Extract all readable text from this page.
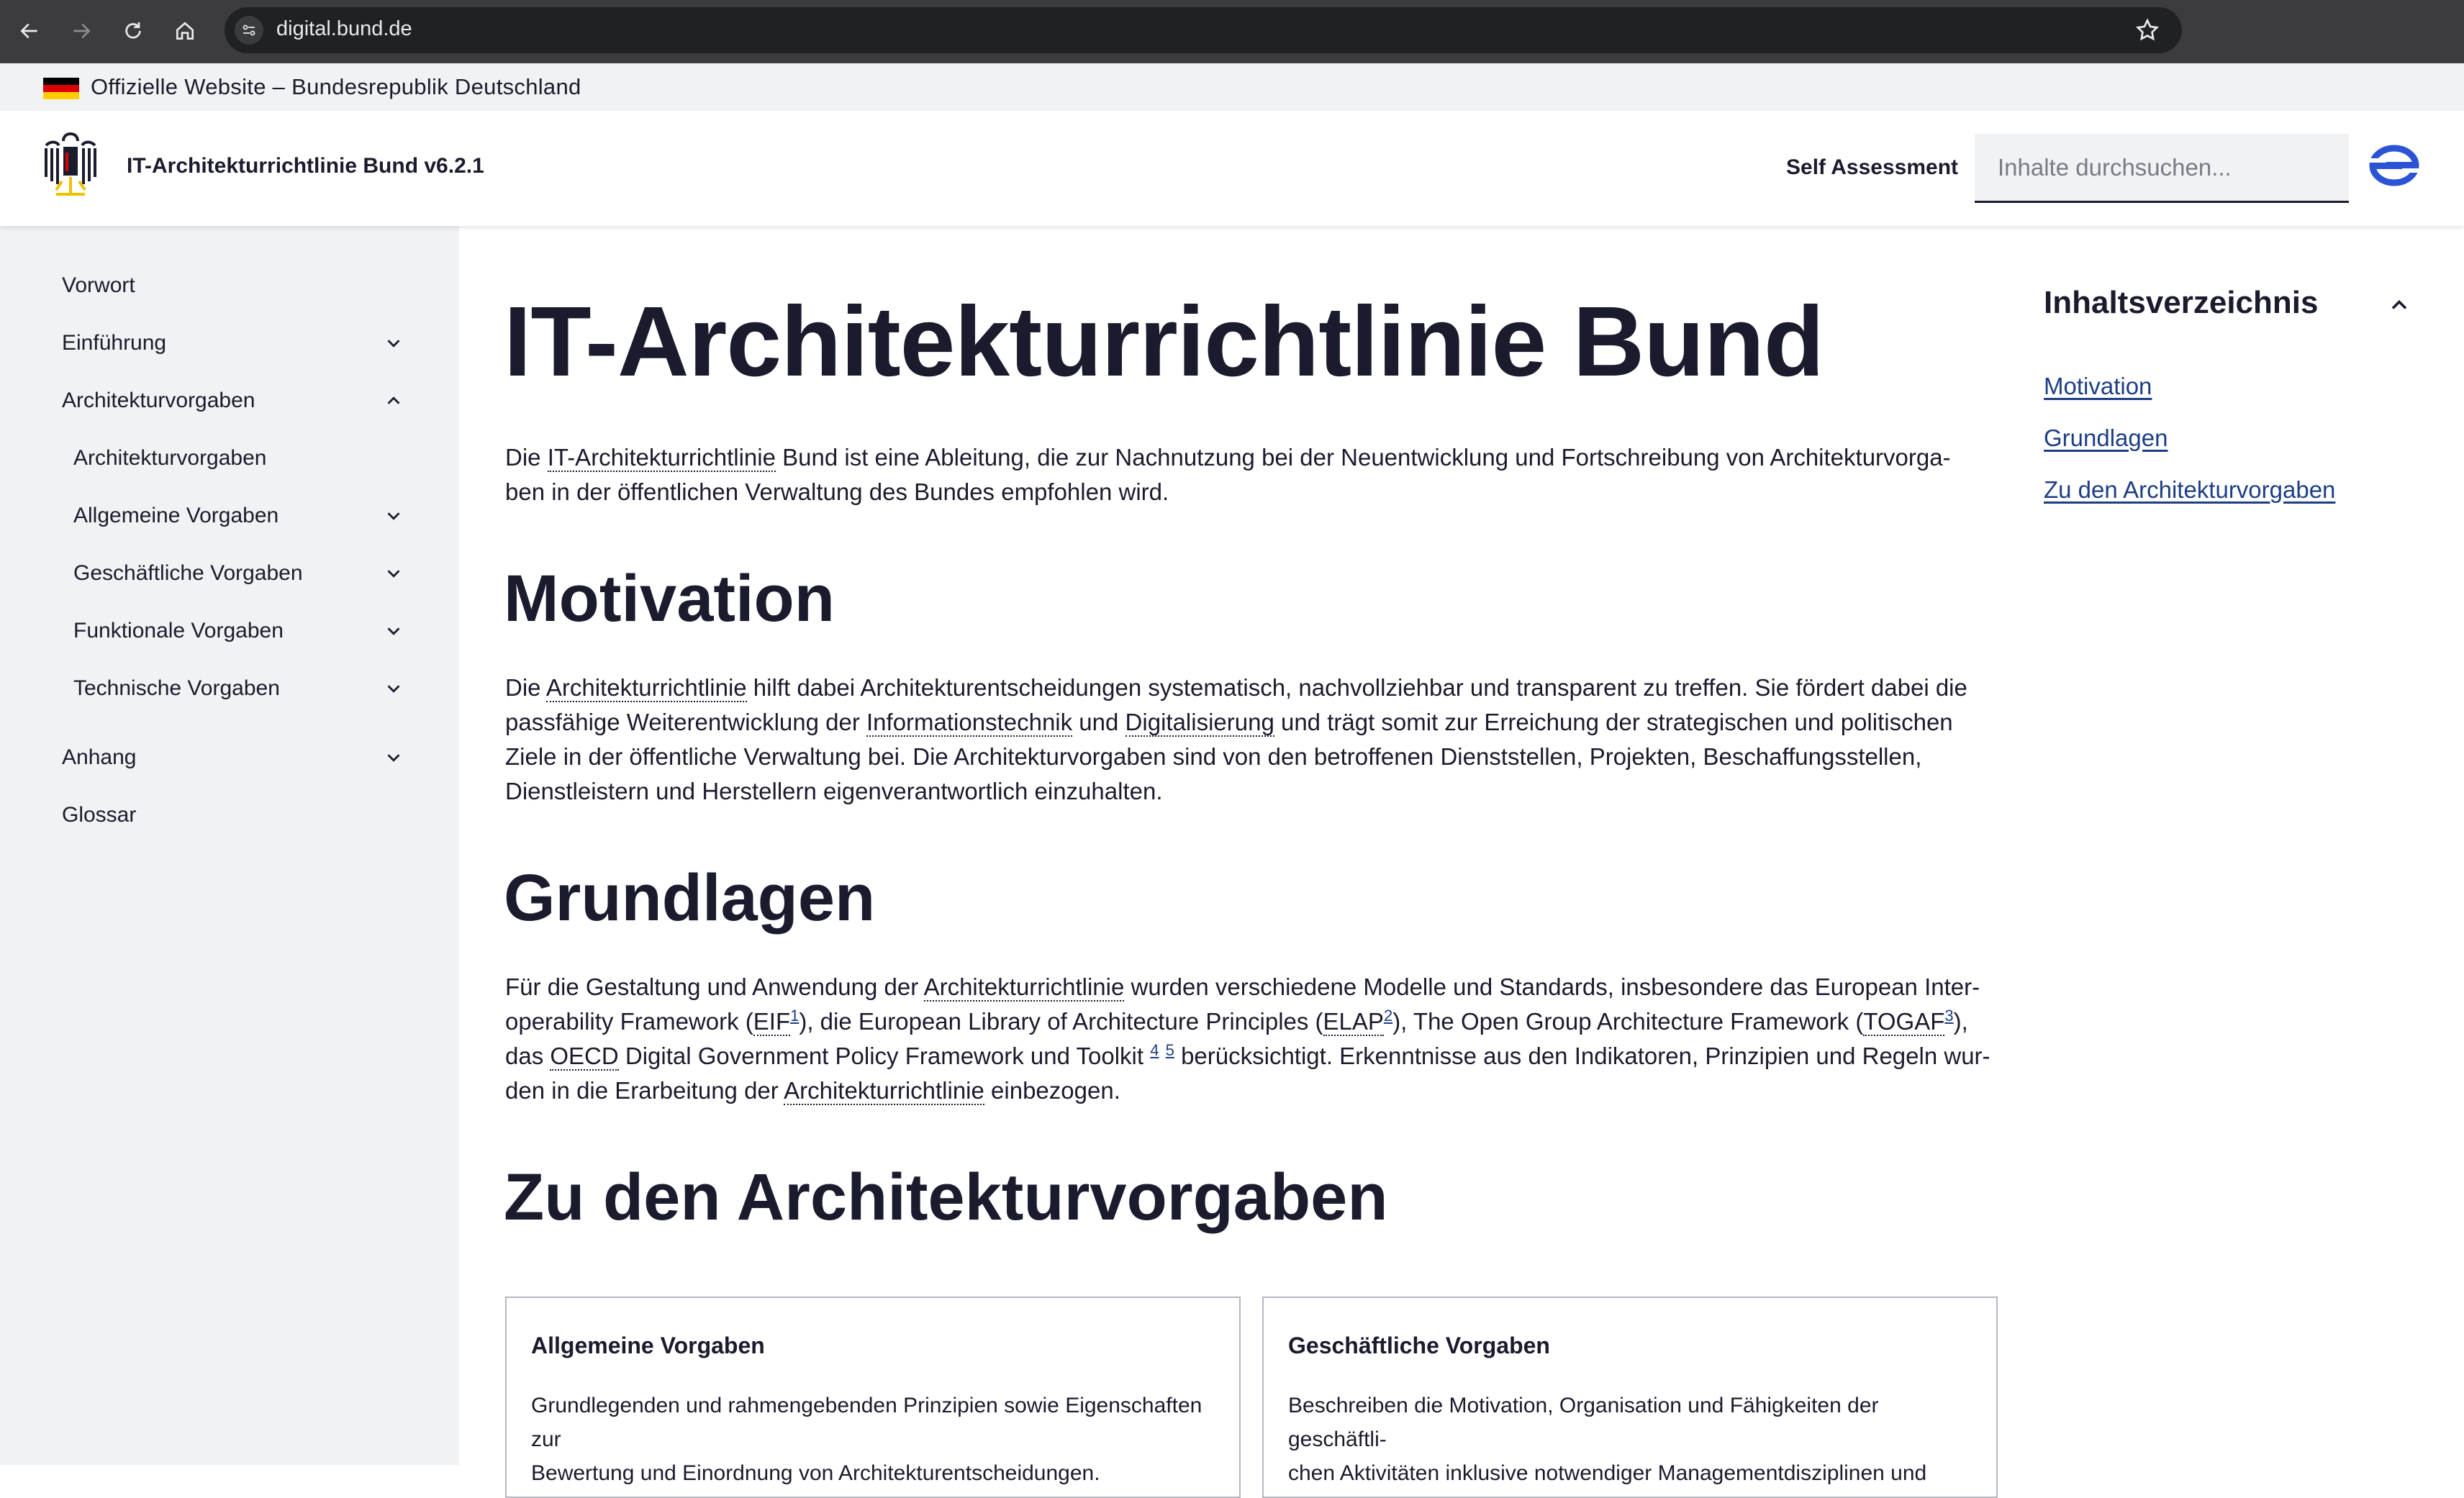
digital.bund.de
Offizielle Website – Bundesrepublik Deutschland
IT-Architekturrichtlinie Bund v6.2.1	Self Assessment
Inhalte durchsuchen...
Vorwort
Einführung
Architekturvorgaben
Architekturvorgaben
Allgemeine Vorgaben
Geschäftliche Vorgaben
Funktionale Vorgaben
Technische Vorgaben
Anhang
Glossar
IT-Architekturrichtlinie Bund

Die IT-Architekturrichtlinie Bund ist eine Ableitung, die zur Nachnutzung bei der Neuentwicklung und Fortschreibung von Architekturvorga-
ben in der öffentlichen Verwaltung des Bundes empfohlen wird.

Motivation

Die Architekturrichtlinie hilft dabei Architekturentscheidungen systematisch, nachvollziehbar und transparent zu treffen. Sie fördert dabei die
passfähige Weiterentwicklung der Informationstechnik und Digitalisierung und trägt somit zur Erreichung der strategischen und politischen
Ziele in der öffentliche Verwaltung bei. Die Architekturvorgaben sind von den betroffenen Dienststellen, Projekten, Beschaffungsstellen,
Dienstleistern und Herstellern eigenverantwortlich einzuhalten.

Grundlagen

Für die Gestaltung und Anwendung der Architekturrichtlinie wurden verschiedene Modelle und Standards, insbesondere das European Inter-
operability Framework (EIF$^1$), die European Library of Architecture Principles (ELAP$^2$), The Open Group Architecture Framework (TOGAF$^3$),
das OECD Digital Government Policy Framework und Toolkit $^4$ $^5$ berücksichtigt. Erkenntnisse aus den Indikatoren, Prinzipien und Regeln wur-
den in die Erarbeitung der Architekturrichtlinie einbezogen.

Zu den Architekturvorgaben
Allgemeine Vorgaben
Grundlegenden und rahmengebenden Prinzipien sowie Eigenschaften zur
Bewertung und Einordnung von Architekturentscheidungen.
Geschäftliche Vorgaben
Beschreiben die Motivation, Organisation und Fähigkeiten der geschäftli-
chen Aktivitäten inklusive notwendiger Managementdisziplinen und
Inhaltsverzeichnis
Motivation
Grundlagen
Zu den Architekturvorgaben
